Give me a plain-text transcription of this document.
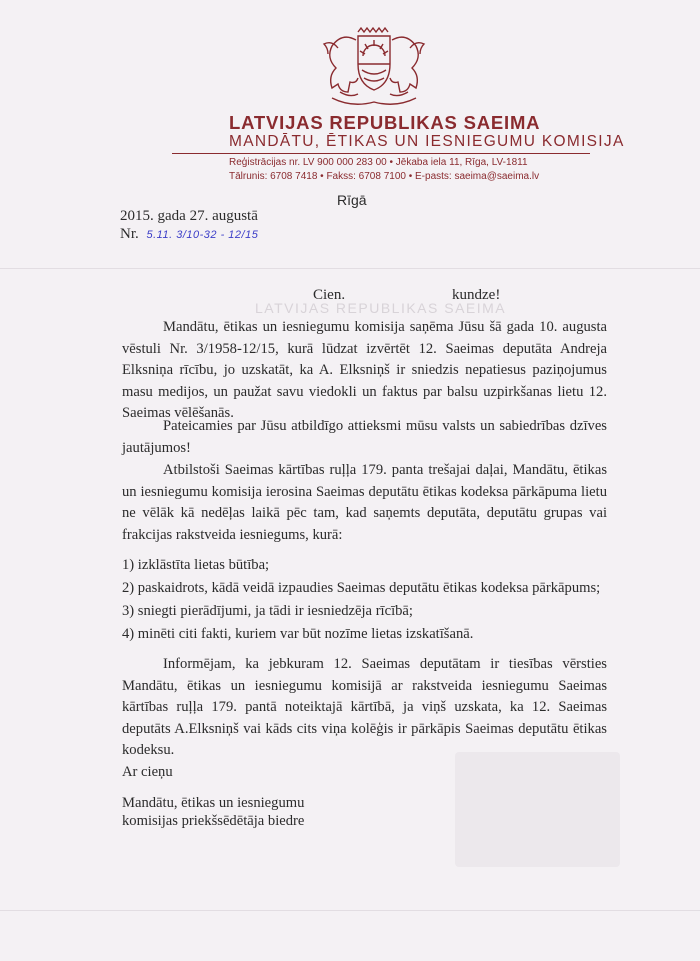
LATVIJAS REPUBLIKAS SAEIMA
MANDĀTU, ĒTIKAS UN IESNIEGUMU KOMISIJA
Reģistrācijas nr. LV 900 000 283 00 • Jēkaba iela 11, Rīga, LV-1811
Tālrunis: 6708 7418 • Fakss: 6708 7100 • E-pasts: saeima@saeima.lv
Rīgā
2015. gada 27. augustā
Nr. 5.11. 3/10-32 - 12/15
LATVIJAS REPUBLIKAS SAEIMA
Cien.	kundze!

Mandātu, ētikas un iesniegumu komisija saņēma Jūsu šā gada 10. augusta vēstuli Nr. 3/1958-12/15, kurā lūdzat izvērtēt 12. Saeimas deputāta Andreja Elksniņa rīcību, jo uzskatāt, ka A. Elksniņš ir sniedzis nepatiesus paziņojumus masu medijos, un paužat savu viedokli un faktus par balsu uzpirkšanas lietu 12. Saeimas vēlēšanās.

Pateicamies par Jūsu atbildīgo attieksmi mūsu valsts un sabiedrības dzīves jautājumos!

Atbilstoši Saeimas kārtības ruļļa 179. panta trešajai daļai, Mandātu, ētikas un iesniegumu komisija ierosina Saeimas deputātu ētikas kodeksa pārkāpuma lietu ne vēlāk kā nedēļas laikā pēc tam, kad saņemts deputāta, deputātu grupas vai frakcijas rakstveida iesniegums, kurā:

1) izklāstīta lietas būtība;
2) paskaidrots, kādā veidā izpaudies Saeimas deputātu ētikas kodeksa pārkāpums;
3) sniegti pierādījumi, ja tādi ir iesniedzēja rīcībā;
4) minēti citi fakti, kuriem var būt nozīme lietas izskatīšanā.

Informējam, ka jebkuram 12. Saeimas deputātam ir tiesības vērsties Mandātu, ētikas un iesniegumu komisijā ar rakstveida iesniegumu Saeimas kārtības ruļļa 179. pantā noteiktajā kārtībā, ja viņš uzskata, ka 12. Saeimas deputāts A.Elksniņš vai kāds cits viņa kolēģis ir pārkāpis Saeimas deputātu ētikas kodeksu.

Ar cieņu
Mandātu, ētikas un iesniegumu
komisijas priekšsēdētāja biedre
